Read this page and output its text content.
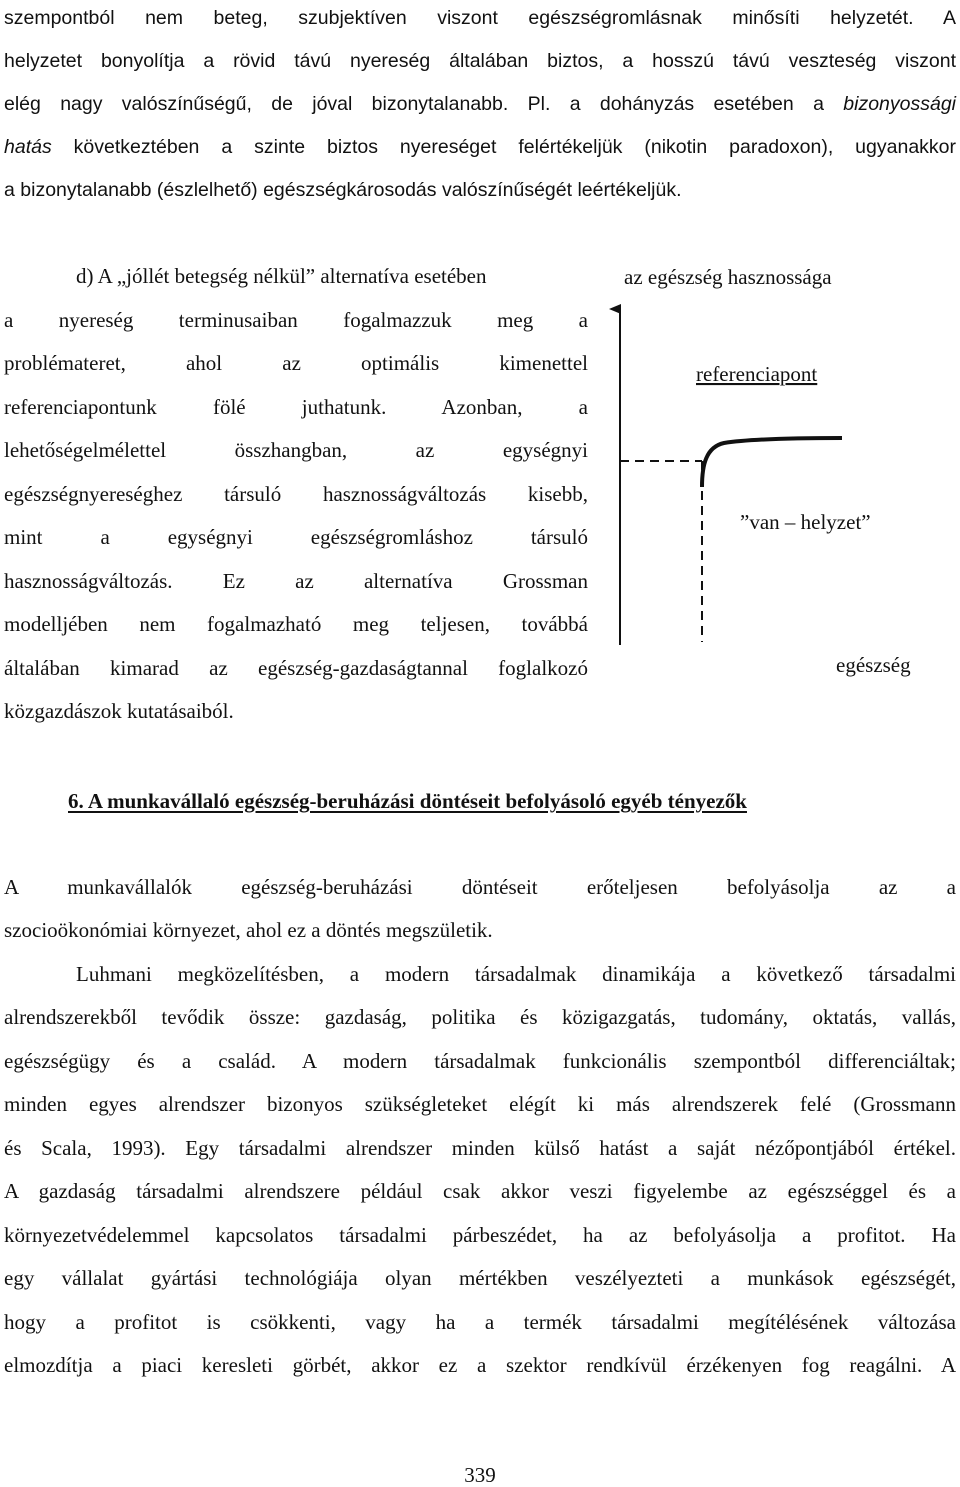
szempontból nem beteg, szubjektíven viszont egészségromlásnak minősíti helyzetét. A

helyzetet bonyolítja a rövid távú nyereség általában biztos, a hosszú távú veszteség viszont

elég nagy valószínűségű, de jóval bizonytalanabb. Pl. a dohányzás esetében a bizonyossági

hatás következtében a szinte biztos nyereséget felértékeljük (nikotin paradoxon), ugyanakkor

a bizonytalanabb (észlelhető) egészségkárosodás valószínűségét leértékeljük.

d) A „jóllét betegség nélkül” alternatíva esetében

a nyereség terminusaiban fogalmazzuk meg a

problémateret, ahol az optimális kimenettel

referenciapontunk fölé juthatunk. Azonban, a

lehetőségelmélettel összhangban, az egységnyi

egészségnyereséghez társuló hasznosságváltozás kisebb,

mint a egységnyi egészségromláshoz társuló

hasznosságváltozás. Ez az alternatíva Grossman

modelljében nem fogalmazható meg teljesen, továbbá

általában kimarad az egészség-gazdaságtannal foglalkozó

közgazdászok kutatásaiból.

az egészség hasznossága
referenciapont
”van – helyzet”
egészség

6. A munkavállaló egészség-beruházási döntéseit befolyásoló egyéb tényezők

A munkavállalók egészség-beruházási döntéseit erőteljesen befolyásolja az a

szocioökonómiai környezet, ahol ez a döntés megszületik.

Luhmani megközelítésben, a modern társadalmak dinamikája a következő társadalmi

alrendszerekből tevődik össze: gazdaság, politika és közigazgatás, tudomány, oktatás, vallás,

egészségügy és a család. A modern társadalmak funkcionális szempontból differenciáltak;

minden egyes alrendszer bizonyos szükségleteket elégít ki más alrendszerek felé (Grossmann

és Scala, 1993). Egy társadalmi alrendszer minden külső hatást a saját nézőpontjából értékel.

A gazdaság társadalmi alrendszere például csak akkor veszi figyelembe az egészséggel és a

környezetvédelemmel kapcsolatos társadalmi párbeszédet, ha az befolyásolja a profitot. Ha

egy vállalat gyártási technológiája olyan mértékben veszélyezteti a munkások egészségét,

hogy a profitot is csökkenti, vagy ha a termék társadalmi megítélésének változása

elmozdítja a piaci keresleti görbét, akkor ez a szektor rendkívül érzékenyen fog reagálni. A

339
